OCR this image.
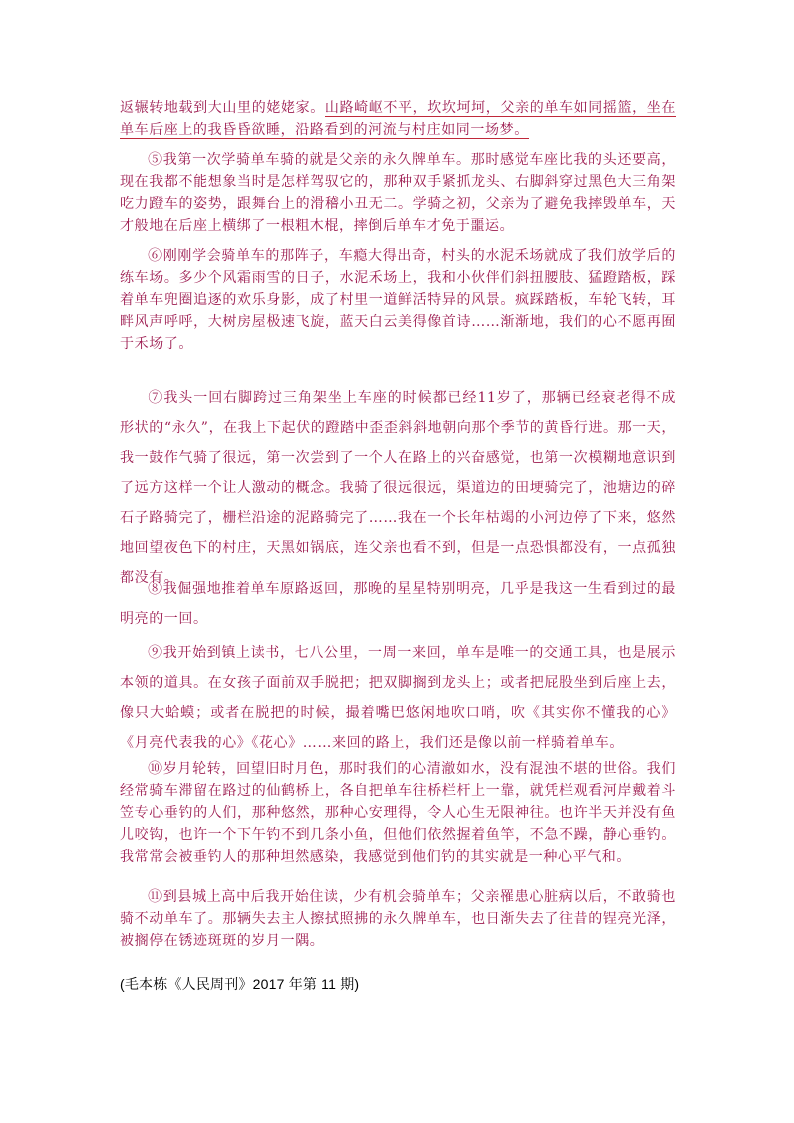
返辗转地载到大山里的姥姥家。山路崎岖不平，坎坎坷坷，父亲的单车如同摇篮，坐在单车后座上的我昏昏欲睡，沿路看到的河流与村庄如同一场梦。

⑤我第一次学骑单车骑的就是父亲的永久牌单车。那时感觉车座比我的头还要高，现在我都不能想象当时是怎样驾驭它的，那种双手紧抓龙头、右脚斜穿过黑色大三角架吃力蹬车的姿势，跟舞台上的滑稽小丑无二。学骑之初，父亲为了避免我摔毁单车，天才般地在后座上横绑了一根粗木棍，摔倒后单车才免于噩运。

⑥刚刚学会骑单车的那阵子，车瘾大得出奇，村头的水泥禾场就成了我们放学后的练车场。多少个风霜雨雪的日子，水泥禾场上，我和小伙伴们斜扭腰肢、猛蹬踏板，踩着单车兜圈追逐的欢乐身影，成了村里一道鲜活特异的风景。疯踩踏板，车轮飞转，耳畔风声呼呼，大树房屋极速飞旋，蓝天白云美得像首诗……渐渐地，我们的心不愿再囿于禾场了。

⑦我头一回右脚跨过三角架坐上车座的时候都已经11岁了，那辆已经衰老得不成形状的“永久”，在我上下起伏的蹬踏中歪歪斜斜地朝向那个季节的黄昏行进。那一天，我一鼓作气骑了很远，第一次尝到了一个人在路上的兴奋感觉，也第一次模糊地意识到了远方这样一个让人激动的概念。我骑了很远很远，渠道边的田埂骑完了，池塘边的碎石子路骑完了，栅栏沿途的泥路骑完了……我在一个长年枯竭的小河边停了下来，悠然地回望夜色下的村庄，天黑如锅底，连父亲也看不到，但是一点恐惧都没有，一点孤独都没有。

⑧我倔强地推着单车原路返回，那晚的星星特别明亮，几乎是我这一生看到过的最明亮的一回。

⑨我开始到镇上读书，七八公里，一周一来回，单车是唯一的交通工具，也是展示本领的道具。在女孩子面前双手脱把；把双脚搁到龙头上；或者把屁股坐到后座上去，像只大蛤蟆；或者在脱把的时候，撮着嘴巴悠闲地吹口哨，吹《其实你不懂我的心》《月亮代表我的心》《花心》……来回的路上，我们还是像以前一样骑着单车。

⑩岁月轮转，回望旧时月色，那时我们的心清澈如水，没有混浊不堪的世俗。我们经常骑车滞留在路过的仙鹤桥上，各自把单车往桥栏杆上一靠，就凭栏观看河岸戴着斗笠专心垂钓的人们，那种悠然，那种心安理得，令人心生无限神往。也许半天并没有鱼儿咬钩，也许一个下午钓不到几条小鱼，但他们依然握着鱼竿，不急不躁，静心垂钓。我常常会被垂钓人的那种坦然感染，我感觉到他们钓的其实就是一种心平气和。

⑪到县城上高中后我开始住读，少有机会骑单车；父亲罹患心脏病以后，不敢骑也骑不动单车了。那辆失去主人擦拭照拂的永久牌单车，也日渐失去了往昔的锃亮光泽，被搁停在锈迹斑斑的岁月一隅。

(毛本栋《人民周刊》2017 年第 11 期)
